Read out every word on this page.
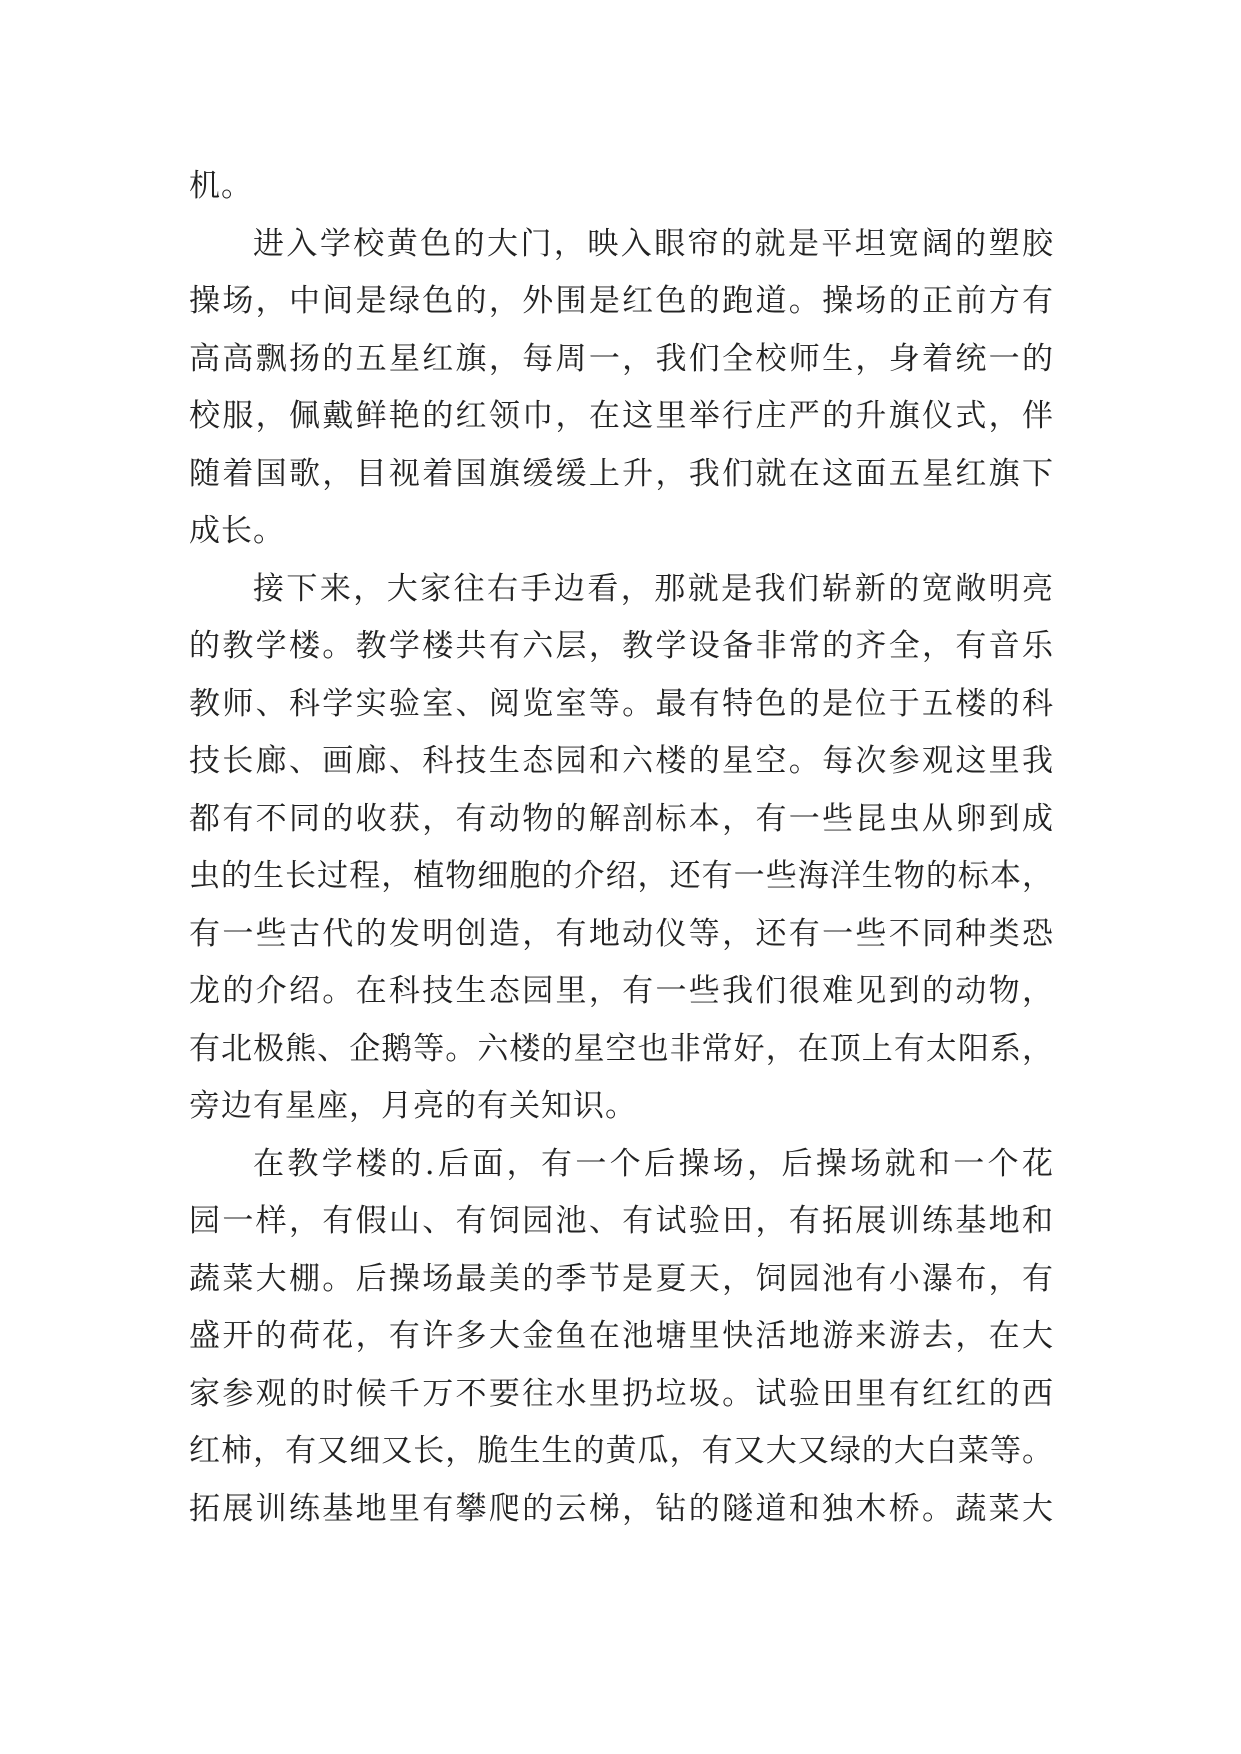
机。
进入学校黄色的大门，映入眼帘的就是平坦宽阔的塑胶
操场，中间是绿色的，外围是红色的跑道。操场的正前方有
高高飘扬的五星红旗，每周一，我们全校师生，身着统一的
校服，佩戴鲜艳的红领巾，在这里举行庄严的升旗仪式，伴
随着国歌，目视着国旗缓缓上升，我们就在这面五星红旗下
成长。
接下来，大家往右手边看，那就是我们崭新的宽敞明亮
的教学楼。教学楼共有六层，教学设备非常的齐全，有音乐
教师、科学实验室、阅览室等。最有特色的是位于五楼的科
技长廊、画廊、科技生态园和六楼的星空。每次参观这里我
都有不同的收获，有动物的解剖标本，有一些昆虫从卵到成
虫的生长过程，植物细胞的介绍，还有一些海洋生物的标本，
有一些古代的发明创造，有地动仪等，还有一些不同种类恐
龙的介绍。在科技生态园里，有一些我们很难见到的动物，
有北极熊、企鹅等。六楼的星空也非常好，在顶上有太阳系，
旁边有星座，月亮的有关知识。
在教学楼的.后面，有一个后操场，后操场就和一个花
园一样，有假山、有饲园池、有试验田，有拓展训练基地和
蔬菜大棚。后操场最美的季节是夏天，饲园池有小瀑布，有
盛开的荷花，有许多大金鱼在池塘里快活地游来游去，在大
家参观的时候千万不要往水里扔垃圾。试验田里有红红的西
红柿，有又细又长，脆生生的黄瓜，有又大又绿的大白菜等。
拓展训练基地里有攀爬的云梯，钻的隧道和独木桥。蔬菜大
